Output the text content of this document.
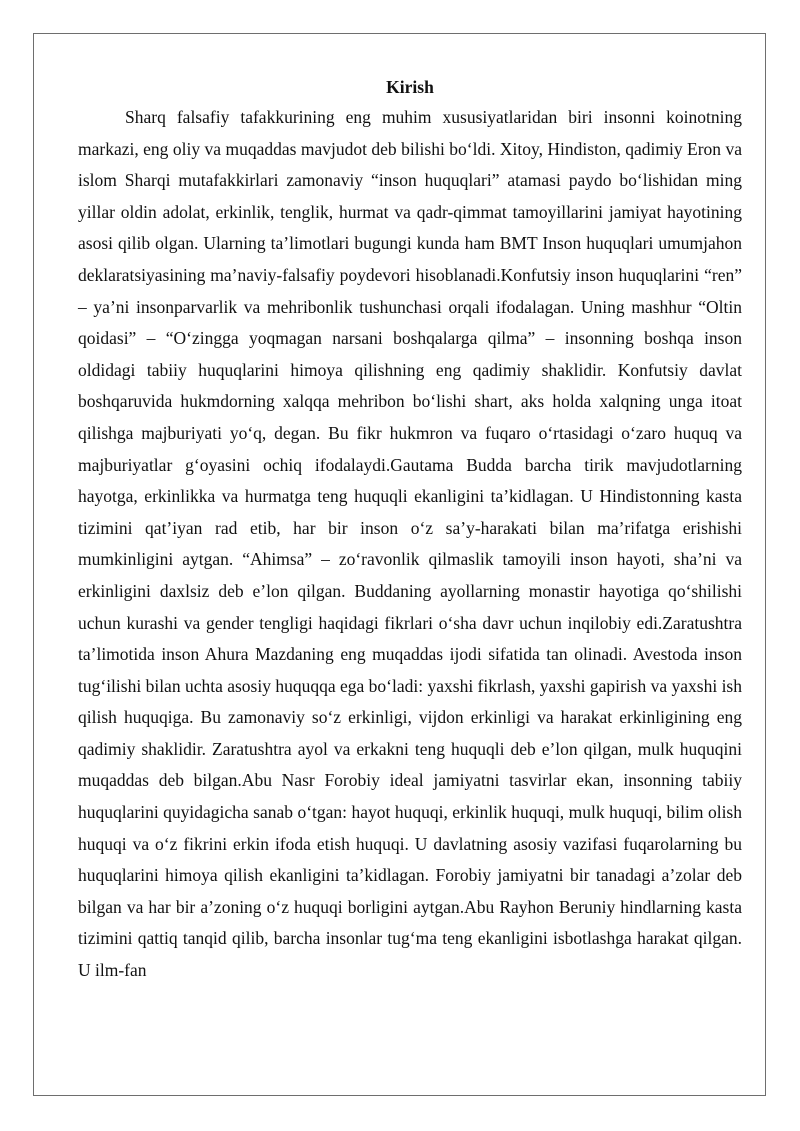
Kirish

Sharq falsafiy tafakkurining eng muhim xususiyatlaridan biri insonni koinotning markazi, eng oliy va muqaddas mavjudot deb bilishi bo‘ldi. Xitoy, Hindiston, qadimiy Eron va islom Sharqi mutafakkirlari zamonaviy “inson huquqlari” atamasi paydo bo‘lishidan ming yillar oldin adolat, erkinlik, tenglik, hurmat va qadr-qimmat tamoyillarini jamiyat hayotining asosi qilib olgan. Ularning ta’limotlari bugungi kunda ham BMT Inson huquqlari umumjahon deklaratsiyasining ma’naviy-falsafiy poydevori hisoblanadi.Konfutsiy inson huquqlarini “ren” – ya’ni insonparvarlik va mehribonlik tushunchasi orqali ifodalagan. Uning mashhur “Oltin qoidasi” – “O‘zingga yoqmagan narsani boshqalarga qilma” – insonning boshqa inson oldidagi tabiiy huquqlarini himoya qilishning eng qadimiy shaklidir. Konfutsiy davlat boshqaruvida hukmdorning xalqqa mehribon bo‘lishi shart, aks holda xalqning unga itoat qilishga majburiyati yo‘q, degan. Bu fikr hukmron va fuqaro o‘rtasidagi o‘zaro huquq va majburiyatlar g‘oyasini ochiq ifodalaydi.Gautama Budda barcha tirik mavjudotlarning hayotga, erkinlikka va hurmatga teng huquqli ekanligini ta’kidlagan. U Hindistonning kasta tizimini qat’iyan rad etib, har bir inson o‘z sa’y-harakati bilan ma’rifatga erishishi mumkinligini aytgan. “Ahimsa” – zo‘ravonlik qilmaslik tamoyili inson hayoti, sha’ni va erkinligini daxlsiz deb e’lon qilgan. Buddaning ayollarning monastir hayotiga qo‘shilishi uchun kurashi va gender tengligi haqidagi fikrlari o‘sha davr uchun inqilobiy edi.Zaratushtra ta’limotida inson Ahura Mazdaning eng muqaddas ijodi sifatida tan olinadi. Avestoda inson tug‘ilishi bilan uchta asosiy huquqqa ega bo‘ladi: yaxshi fikrlash, yaxshi gapirish va yaxshi ish qilish huquqiga. Bu zamonaviy so‘z erkinligi, vijdon erkinligi va harakat erkinligining eng qadimiy shaklidir. Zaratushtra ayol va erkakni teng huquqli deb e’lon qilgan, mulk huquqini muqaddas deb bilgan.Abu Nasr Forobiy ideal jamiyatni tasvirlar ekan, insonning tabiiy huquqlarini quyidagicha sanab o‘tgan: hayot huquqi, erkinlik huquqi, mulk huquqi, bilim olish huquqi va o‘z fikrini erkin ifoda etish huquqi. U davlatning asosiy vazifasi fuqarolarning bu huquqlarini himoya qilish ekanligini ta’kidlagan. Forobiy jamiyatni bir tanadagi a’zolar deb bilgan va har bir a’zoning o‘z huquqi borligini aytgan.Abu Rayhon Beruniy hindlarning kasta tizimini qattiq tanqid qilib, barcha insonlar tug‘ma teng ekanligini isbotlashga harakat qilgan. U ilm-fan
